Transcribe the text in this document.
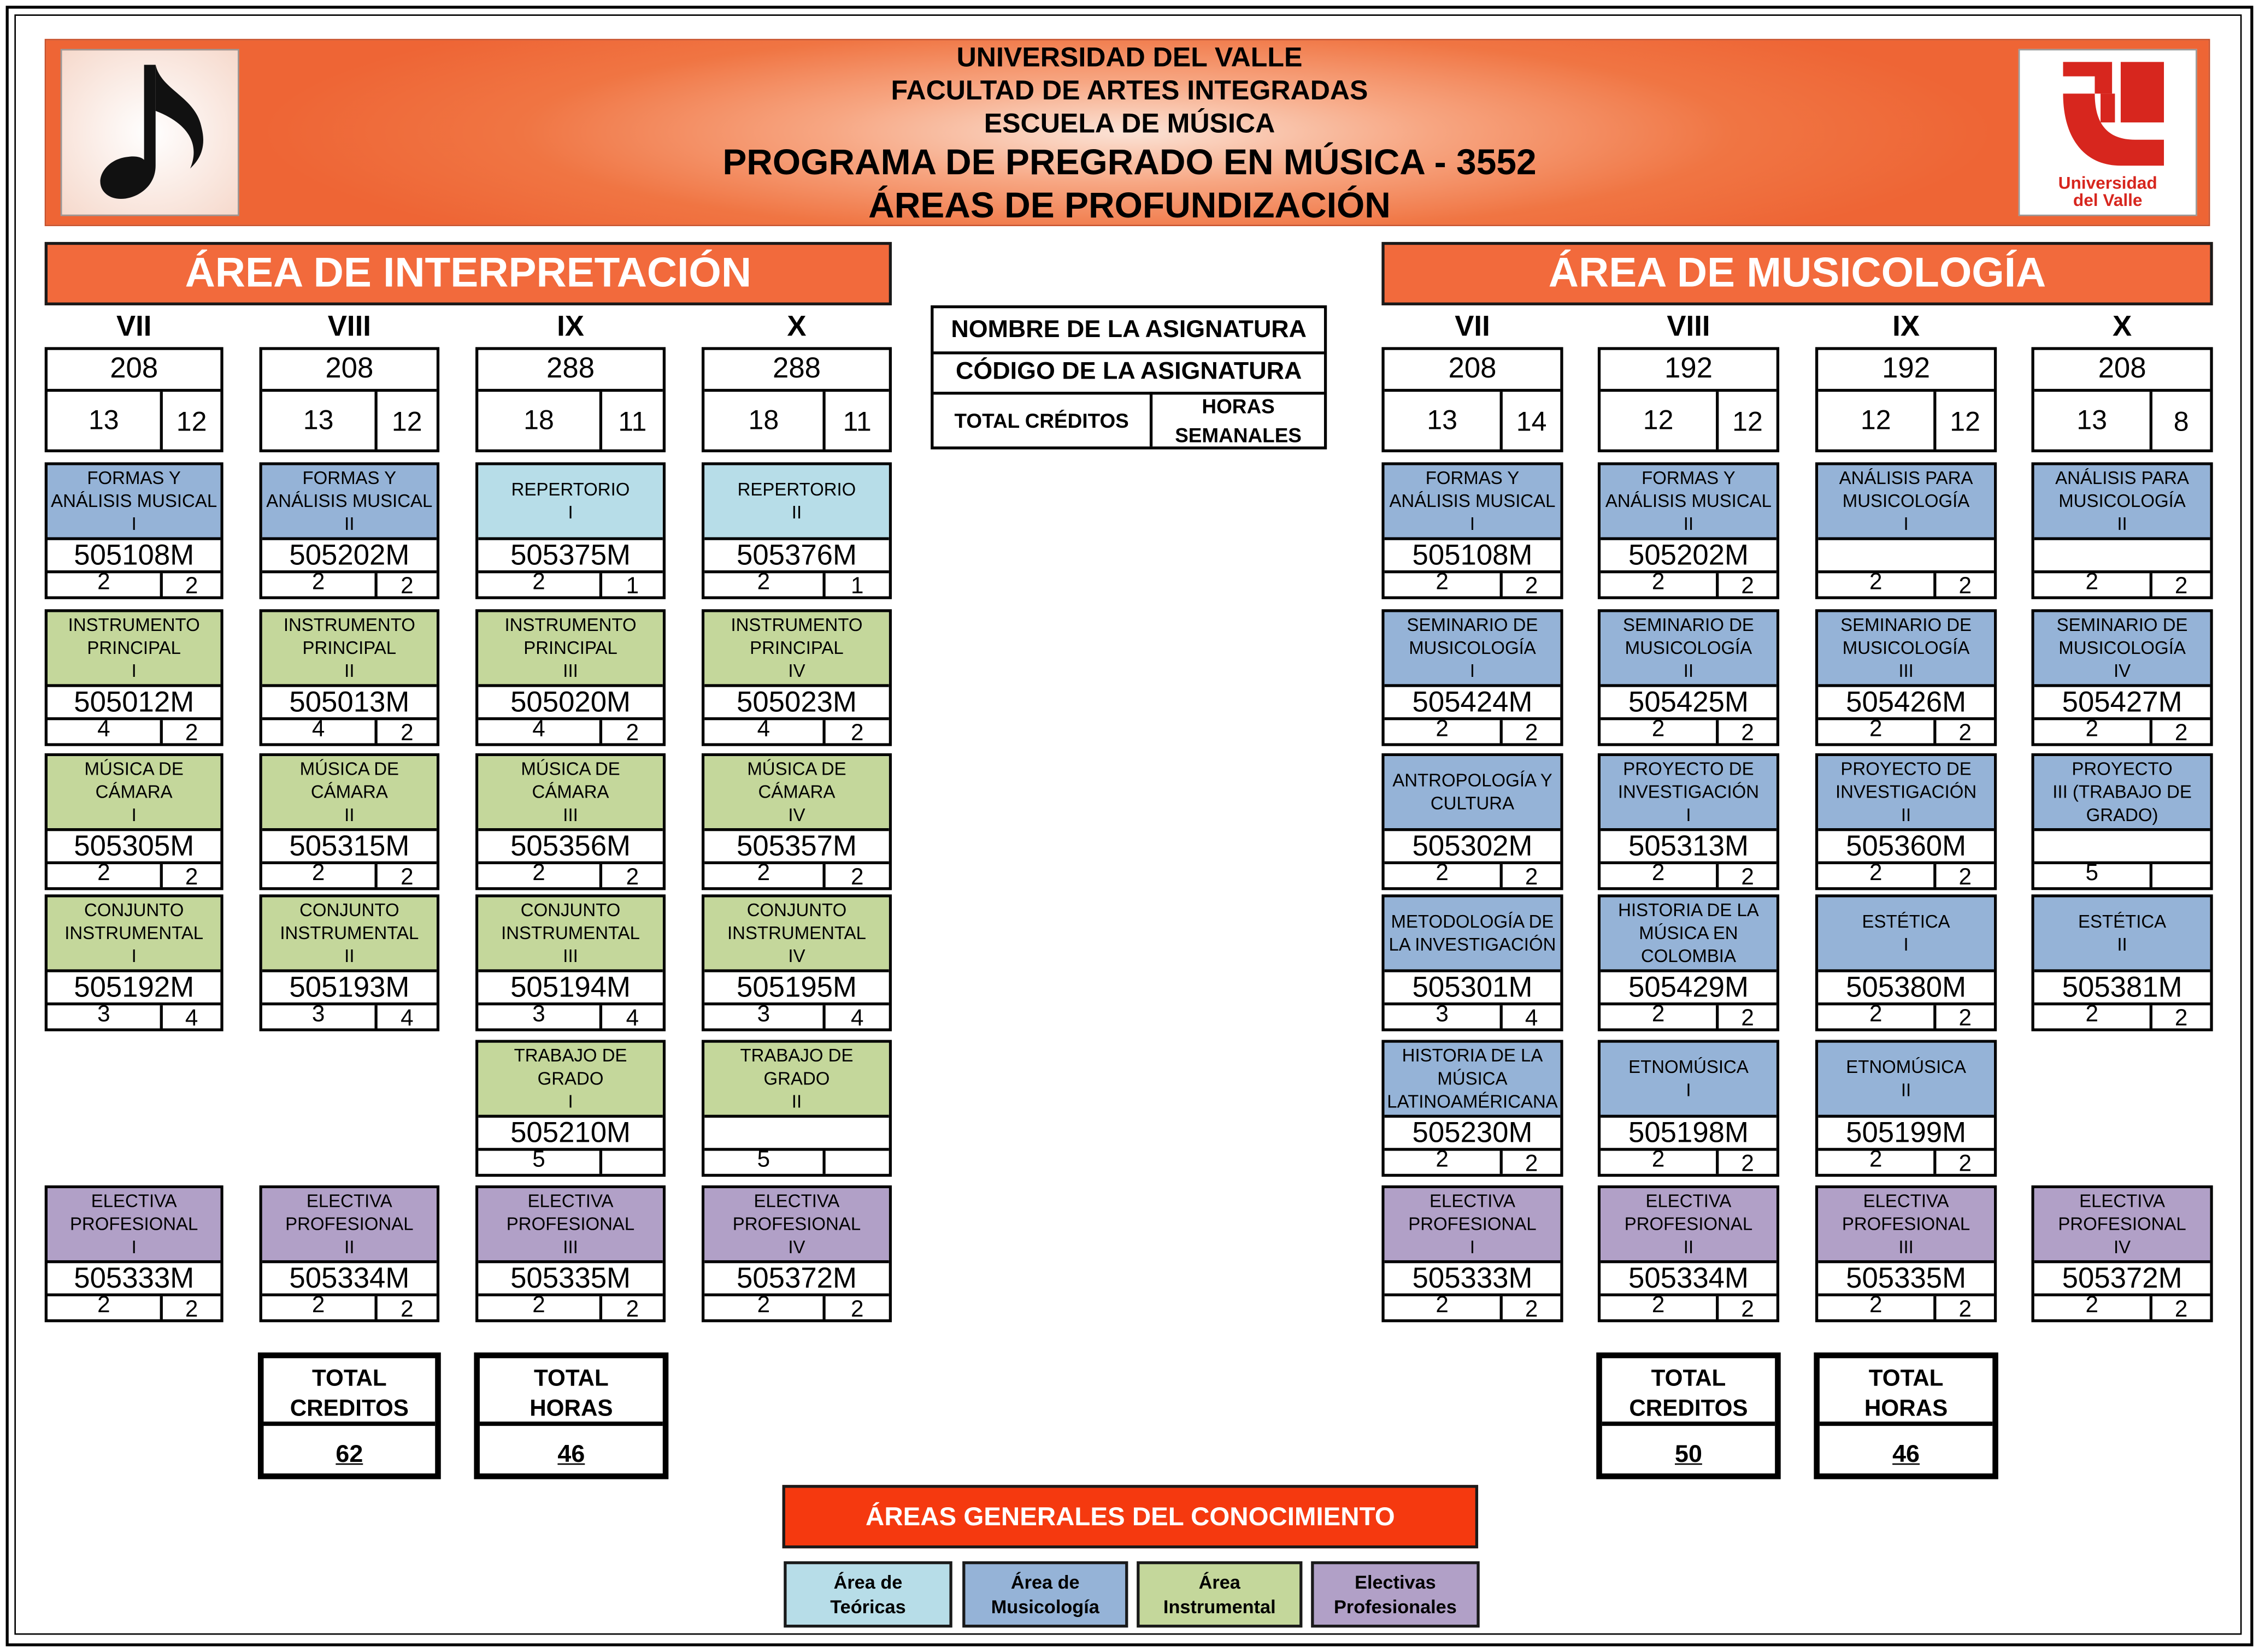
Universidad
del Valle
UNIVERSIDAD DEL VALLE
FACULTAD DE ARTES INTEGRADAS
ESCUELA DE MÚSICA
PROGRAMA DE PREGRADO EN MÚSICA - 3552
ÁREAS DE PROFUNDIZACIÓN
ÁREA DE INTERPRETACIÓN	ÁREA DE MUSICOLOGÍA
NOMBRE DE LA ASIGNATURA
CÓDIGO DE LA ASIGNATURA
TOTAL CRÉDITOS
HORAS SEMANALES
VII
208
13	12
FORMAS Y
ANÁLISIS MUSICAL
I
505108M
2	2
INSTRUMENTO
PRINCIPAL
I
505012M
4	2
MÚSICA DE
CÁMARA
I
505305M
2	2
CONJUNTO
INSTRUMENTAL
I
505192M
3	4
ELECTIVA
PROFESIONAL
I
505333M
2	2
VIII
208
13	12
FORMAS Y
ANÁLISIS MUSICAL
II
505202M
2	2
INSTRUMENTO
PRINCIPAL
II
505013M
4	2
MÚSICA DE
CÁMARA
II
505315M
2	2
CONJUNTO
INSTRUMENTAL
II
505193M
3	4
ELECTIVA
PROFESIONAL
II
505334M
2	2
IX
288
18	11
REPERTORIO
I
505375M
2	1
INSTRUMENTO
PRINCIPAL
III
505020M
4	2
MÚSICA DE CÁMARA
III
505356M
2	2
CONJUNTO
INSTRUMENTAL
III
505194M
3	4
TRABAJO DE GRADO
I
505210M
5
ELECTIVA
PROFESIONAL
III
505335M
2	2
X
288
18	11
REPERTORIO
II
505376M
2	1
INSTRUMENTO
PRINCIPAL
IV
505023M
4	2
MÚSICA DE CÁMARA
IV
505357M
2	2
CONJUNTO
INSTRUMENTAL
IV
505195M
3	4
TRABAJO DE GRADO
II
5
ELECTIVA
PROFESIONAL
IV
505372M
2	2
VII
208
13	14
FORMAS Y
ANÁLISIS MUSICAL
I
505108M
2	2
SEMINARIO DE
MUSICOLOGÍA
I
505424M
2	2
ANTROPOLOGÍA Y
CULTURA
505302M
2	2
METODOLOGÍA DE
LA INVESTIGACIÓN
505301M
3	4
HISTORIA DE LA
MÚSICA
LATINOAMÉRICANA
505230M
2	2
ELECTIVA
PROFESIONAL
I
505333M
2	2
VIII
192
12	12
FORMAS Y
ANÁLISIS MUSICAL
II
505202M
2	2
SEMINARIO DE
MUSICOLOGÍA
II
505425M
2	2
PROYECTO DE
INVESTIGACIÓN
I
505313M
2	2
HISTORIA DE LA
MÚSICA EN
COLOMBIA
505429M
2	2
ETNOMÚSICA
I
505198M
2	2
ELECTIVA
PROFESIONAL
II
505334M
2	2
IX
192
12	12
ANÁLISIS PARA
MUSICOLOGÍA
I
2	2
SEMINARIO DE
MUSICOLOGÍA
III
505426M
2	2
PROYECTO DE
INVESTIGACIÓN
II
505360M
2	2
ESTÉTICA
I
505380M
2	2
ETNOMÚSICA
II
505199M
2	2
ELECTIVA
PROFESIONAL
III
505335M
2	2
X
208
13	8
ANÁLISIS PARA
MUSICOLOGÍA
II
2	2
SEMINARIO DE
MUSICOLOGÍA
IV
505427M
2	2
PROYECTO
III (TRABAJO DE
GRADO)
5
ESTÉTICA
II
505381M
2	2
ELECTIVA
PROFESIONAL
IV
505372M
2	2
TOTAL
CREDITOS
62
TOTAL
HORAS
46
TOTAL
CREDITOS
50
TOTAL
HORAS
46
ÁREAS GENERALES DEL CONOCIMIENTO
Área de
Teóricas
Área de
Musicología
Área
Instrumental
Electivas
Profesionales
